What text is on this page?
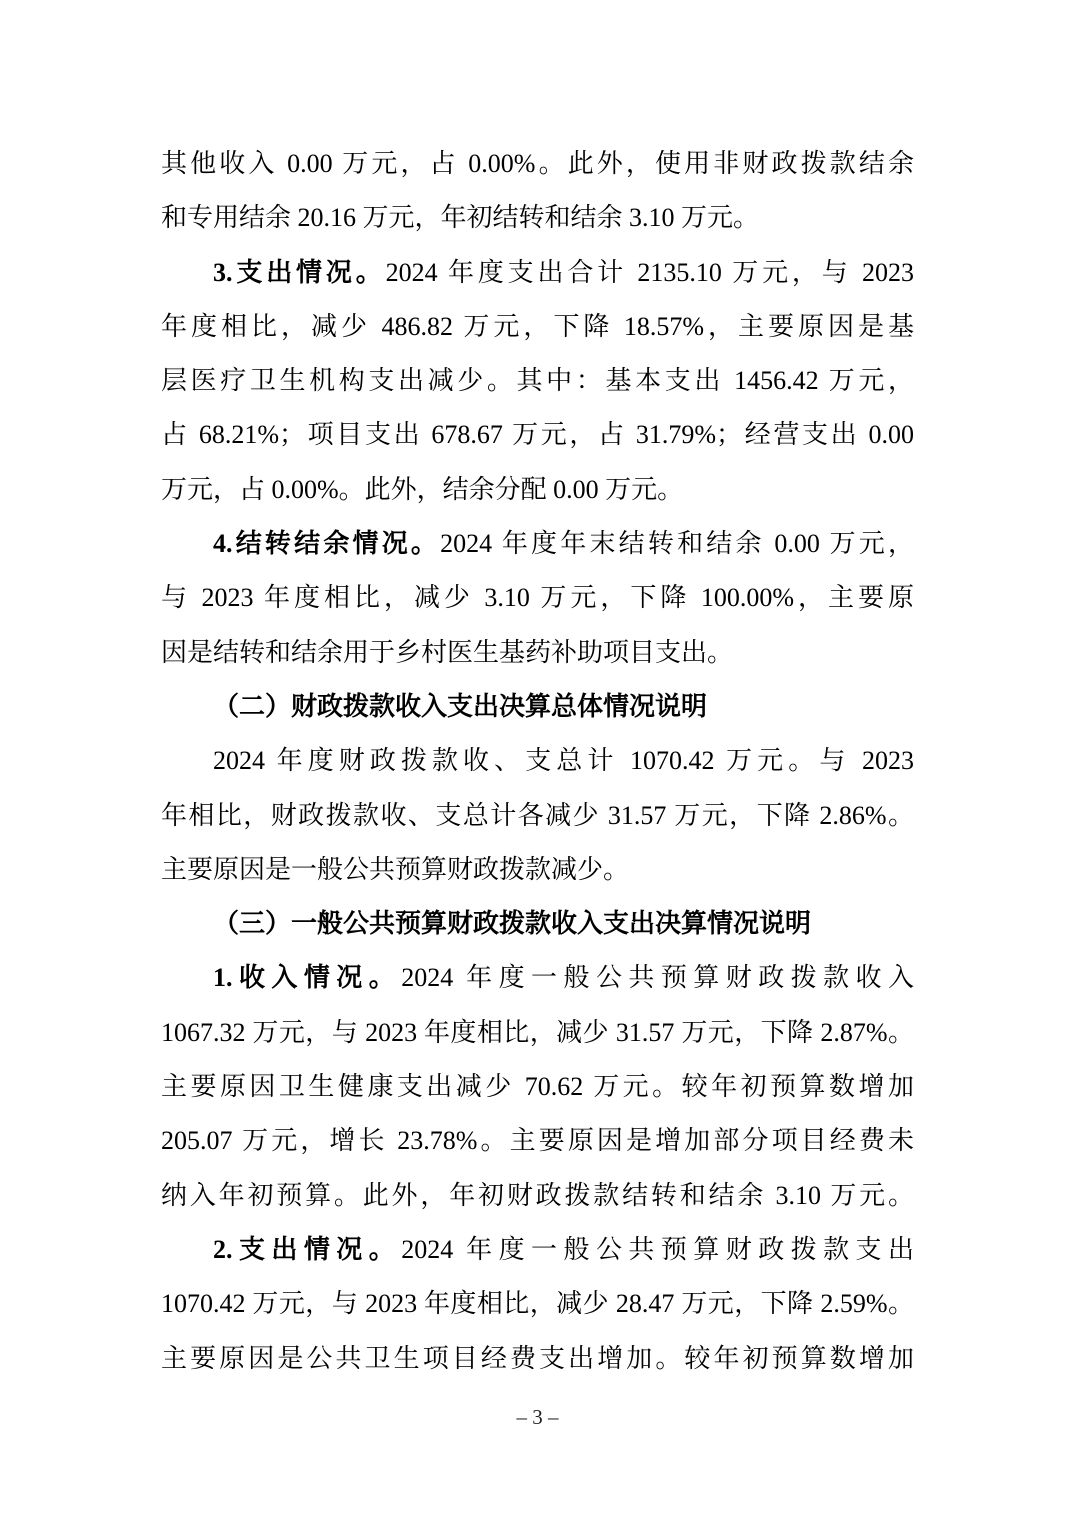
其他收入 0.00 万元，占 0.00%。此外，使用非财政拨款结余
和专用结余 20.16 万元，年初结转和结余 3.10 万元。
3.支出情况。2024 年度支出合计 2135.10 万元，与 2023
年度相比，减少 486.82 万元，下降 18.57%，主要原因是基
层医疗卫生机构支出减少。其中：基本支出 1456.42 万元，
占 68.21%；项目支出 678.67 万元，占 31.79%；经营支出 0.00
万元，占 0.00%。此外，结余分配 0.00 万元。
4.结转结余情况。2024 年度年末结转和结余 0.00 万元，
与 2023 年度相比，减少 3.10 万元，下降 100.00%，主要原
因是结转和结余用于乡村医生基药补助项目支出。
（二）财政拨款收入支出决算总体情况说明
2024 年度财政拨款收、支总计 1070.42 万元。与 2023
年相比，财政拨款收、支总计各减少 31.57 万元，下降 2.86%。
主要原因是一般公共预算财政拨款减少。
（三）一般公共预算财政拨款收入支出决算情况说明
1.收入情况。2024 年度一般公共预算财政拨款收入
1067.32 万元，与 2023 年度相比，减少 31.57 万元，下降 2.87%。
主要原因卫生健康支出减少 70.62 万元。较年初预算数增加
205.07 万元，增长 23.78%。主要原因是增加部分项目经费未
纳入年初预算。此外，年初财政拨款结转和结余 3.10 万元。
2.支出情况。2024 年度一般公共预算财政拨款支出
1070.42 万元，与 2023 年度相比，减少 28.47 万元，下降 2.59%。
主要原因是公共卫生项目经费支出增加。较年初预算数增加
– 3 –
